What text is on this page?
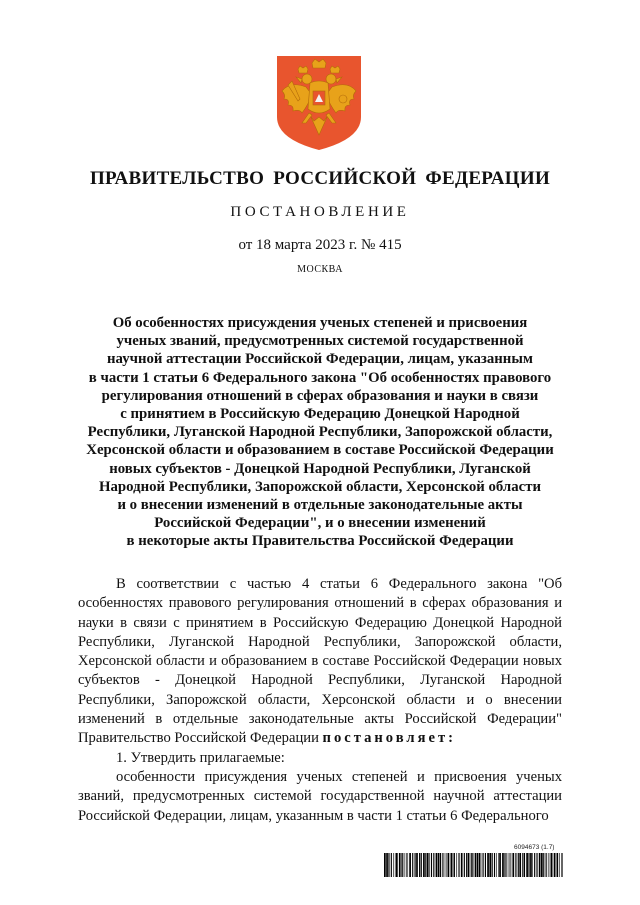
ПРАВИТЕЛЬСТВО РОССИЙСКОЙ ФЕДЕРАЦИИ
ПОСТАНОВЛЕНИЕ
от 18 марта 2023 г. № 415
МОСКВА
Об особенностях присуждения ученых степеней и присвоения
ученых званий, предусмотренных системой государственной
научной аттестации Российской Федерации, лицам, указанным
в части 1 статьи 6 Федерального закона "Об особенностях правового
регулирования отношений в сферах образования и науки в связи
с принятием в Российскую Федерацию Донецкой Народной
Республики, Луганской Народной Республики, Запорожской области,
Херсонской области и образованием в составе Российской Федерации
новых субъектов - Донецкой Народной Республики, Луганской
Народной Республики, Запорожской области, Херсонской области
и о внесении изменений в отдельные законодательные акты
Российской Федерации", и о внесении изменений
в некоторые акты Правительства Российской Федерации

В соответствии с частью 4 статьи 6 Федерального закона "Об особенностях правового регулирования отношений в сферах образования и науки в связи с принятием в Российскую Федерацию Донецкой Народной Республики, Луганской Народной Республики, Запорожской области, Херсонской области и образованием в составе Российской Федерации новых субъектов - Донецкой Народной Республики, Луганской Народной Республики, Запорожской области, Херсонской области и о внесении изменений в отдельные законодательные акты Российской Федерации" Правительство Российской Федерации постановляет:

1. Утвердить прилагаемые:

особенности присуждения ученых степеней и присвоения ученых званий, предусмотренных системой государственной научной аттестации Российской Федерации, лицам, указанным в части 1 статьи 6 Федерального

6094673 (1.7)
